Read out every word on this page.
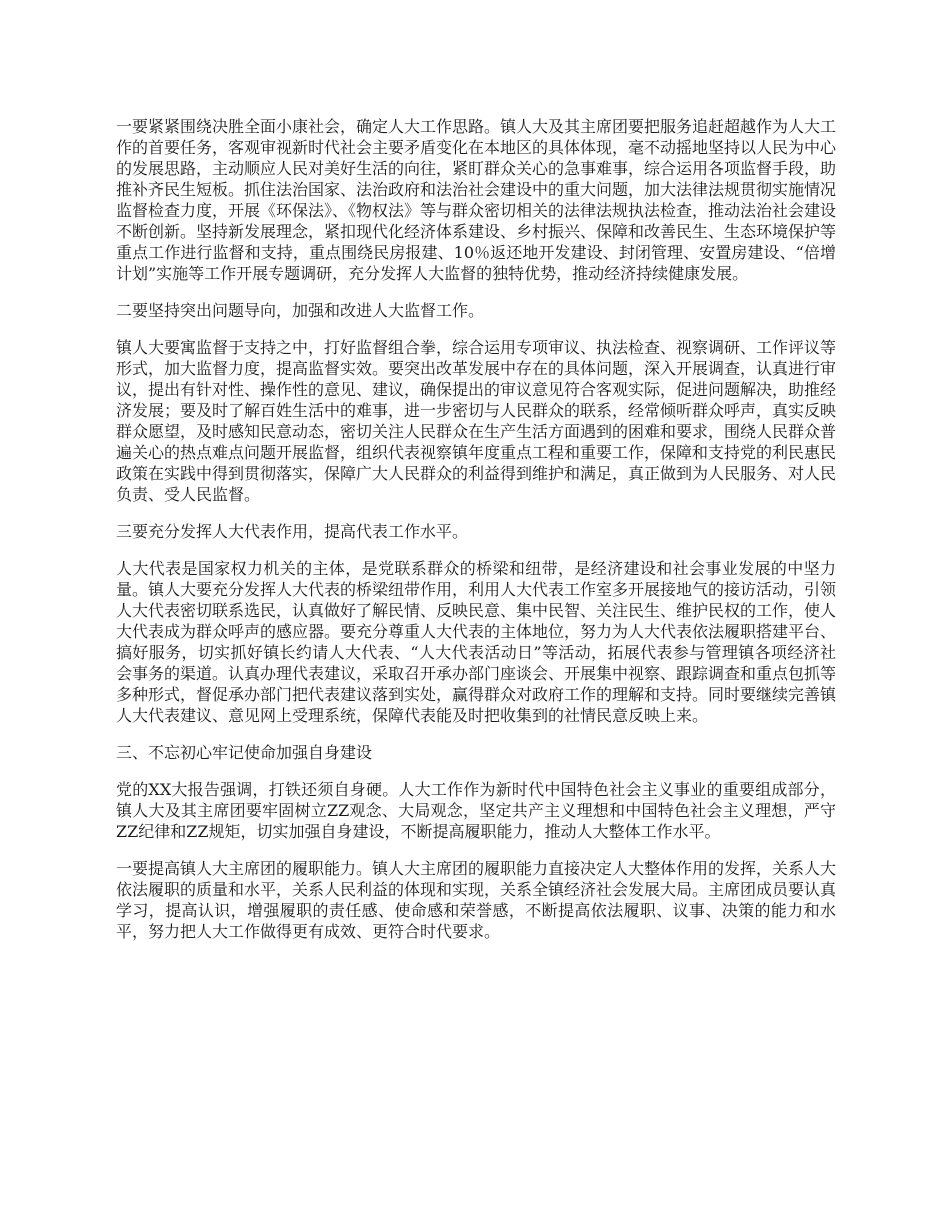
一要紧紧围绕决胜全面小康社会，确定人大工作思路。镇人大及其主席团要把服务追赶超越作为人大工作的首要任务，客观审视新时代社会主要矛盾变化在本地区的具体体现，毫不动摇地坚持以人民为中心的发展思路，主动顺应人民对美好生活的向往，紧盯群众关心的急事难事，综合运用各项监督手段，助推补齐民生短板。抓住法治国家、法治政府和法治社会建设中的重大问题，加大法律法规贯彻实施情况监督检查力度，开展《环保法》、《物权法》等与群众密切相关的法律法规执法检查，推动法治社会建设不断创新。坚持新发展理念，紧扣现代化经济体系建设、乡村振兴、保障和改善民生、生态环境保护等重点工作进行监督和支持，重点围绕民房报建、10％返还地开发建设、封闭管理、安置房建设、“倍增计划”实施等工作开展专题调研，充分发挥人大监督的独特优势，推动经济持续健康发展。

二要坚持突出问题导向，加强和改进人大监督工作。

镇人大要寓监督于支持之中，打好监督组合拳，综合运用专项审议、执法检查、视察调研、工作评议等形式，加大监督力度，提高监督实效。要突出改革发展中存在的具体问题，深入开展调查，认真进行审议，提出有针对性、操作性的意见、建议，确保提出的审议意见符合客观实际，促进问题解决，助推经济发展；要及时了解百姓生活中的难事，进一步密切与人民群众的联系，经常倾听群众呼声，真实反映群众愿望，及时感知民意动态，密切关注人民群众在生产生活方面遇到的困难和要求，围绕人民群众普遍关心的热点难点问题开展监督，组织代表视察镇年度重点工程和重要工作，保障和支持党的利民惠民政策在实践中得到贯彻落实，保障广大人民群众的利益得到维护和满足，真正做到为人民服务、对人民负责、受人民监督。

三要充分发挥人大代表作用，提高代表工作水平。

人大代表是国家权力机关的主体，是党联系群众的桥梁和纽带，是经济建设和社会事业发展的中坚力量。镇人大要充分发挥人大代表的桥梁纽带作用，利用人大代表工作室多开展接地气的接访活动，引领人大代表密切联系选民，认真做好了解民情、反映民意、集中民智、关注民生、维护民权的工作，使人大代表成为群众呼声的感应器。要充分尊重人大代表的主体地位，努力为人大代表依法履职搭建平台、搞好服务，切实抓好镇长约请人大代表、“人大代表活动日”等活动，拓展代表参与管理镇各项经济社会事务的渠道。认真办理代表建议，采取召开承办部门座谈会、开展集中视察、跟踪调查和重点包抓等多种形式，督促承办部门把代表建议落到实处，赢得群众对政府工作的理解和支持。同时要继续完善镇人大代表建议、意见网上受理系统，保障代表能及时把收集到的社情民意反映上来。

三、不忘初心牢记使命加强自身建设

党的XX大报告强调，打铁还须自身硬。人大工作作为新时代中国特色社会主义事业的重要组成部分，镇人大及其主席团要牢固树立ZZ观念、大局观念，坚定共产主义理想和中国特色社会主义理想，严守ZZ纪律和ZZ规矩，切实加强自身建设，不断提高履职能力，推动人大整体工作水平。

一要提高镇人大主席团的履职能力。镇人大主席团的履职能力直接决定人大整体作用的发挥，关系人大依法履职的质量和水平，关系人民利益的体现和实现，关系全镇经济社会发展大局。主席团成员要认真学习，提高认识，增强履职的责任感、使命感和荣誉感，不断提高依法履职、议事、决策的能力和水平，努力把人大工作做得更有成效、更符合时代要求。
